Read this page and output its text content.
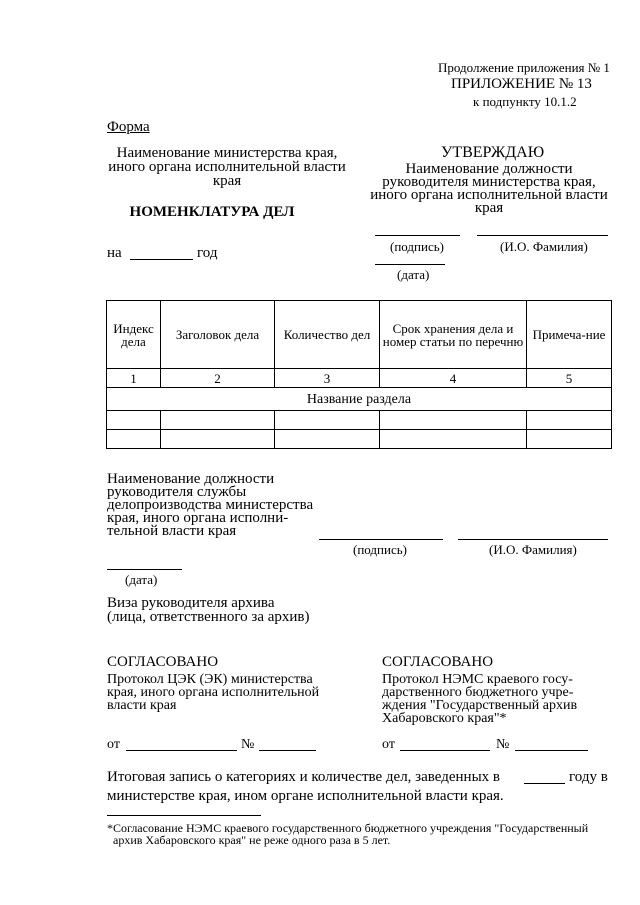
Продолжение приложения № 1
ПРИЛОЖЕНИЕ № 13
к подпункту 10.1.2
Форма
Наименование министерства края,
иного органа исполнительной власти
края
НОМЕНКЛАТУРА ДЕЛ
на	год
УТВЕРЖДАЮ
Наименование должности
руководителя министерства края,
иного органа исполнительной власти
края
(подпись)	(И.О. Фамилия)
(дата)
Индекс дела	Заголовок дела	Количество дел	Срок хранения дела и номер статьи по перечню	Примеча-ние
1	2	3	4	5
Название раздела				

Наименование должности
руководителя службы
делопроизводства министерства
края, иного органа исполни-
тельной власти края
(подпись)	(И.О. Фамилия)
(дата)
Виза руководителя архива
(лица, ответственного за архив)
СОГЛАСОВАНО
Протокол ЦЭК (ЭК) министерства
края, иного органа исполнительной
власти края
от	№
СОГЛАСОВАНО
Протокол НЭМС краевого госу-
дарственного бюджетного учре-
ждения "Государственный архив
Хабаровского края"*
от	№
Итоговая запись о категориях и количестве дел, заведенных в	году в
министерстве края, ином органе исполнительной власти края.
*Согласование НЭМС краевого государственного бюджетного учреждения "Государственный
архив Хабаровского края" не реже одного раза в 5 лет.
